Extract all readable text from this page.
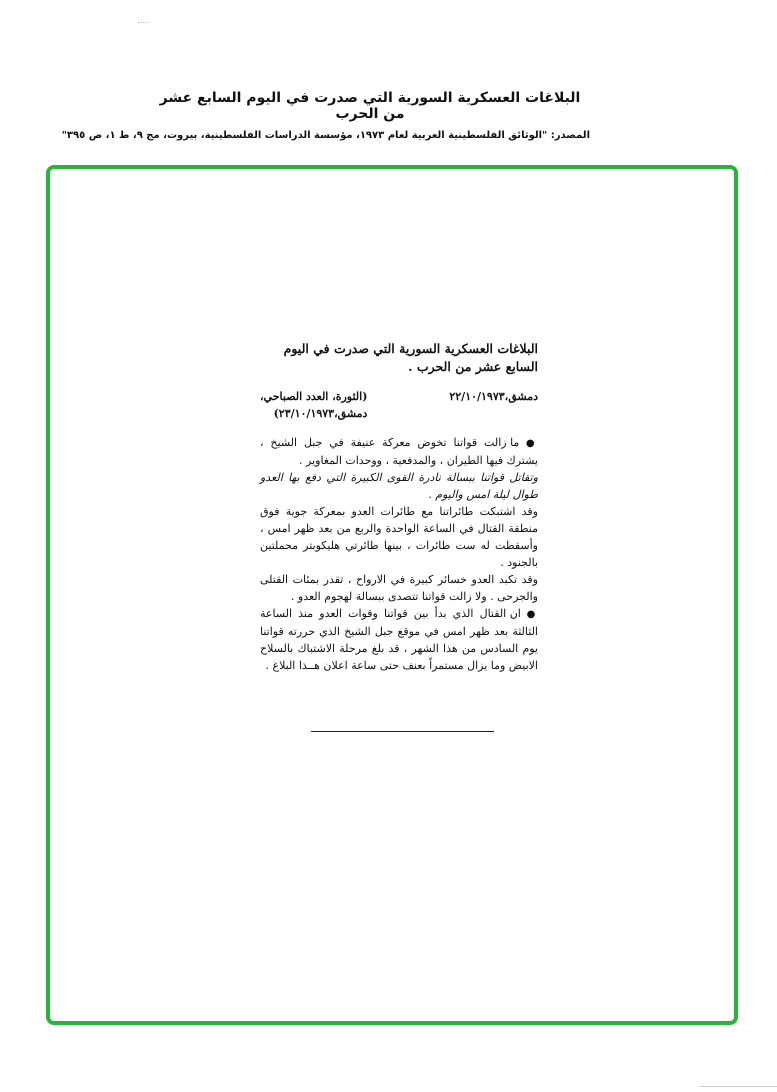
البلاغات العسكرية السورية التي صدرت في اليوم السابع عشر من الحرب

المصدر: "الوثائق الفلسطينية العربية لعام ١٩٧٣، مؤسسة الدراسات الفلسطينية، بيروت، مج ٩، ط ١، ص ٣٩٥"

البلاغات العسكرية السورية التي صدرت في اليوم السابع عشر من الحرب .

دمشق،٢٢/١٠/١٩٧٣
(الثورة، العدد الصباحي،
دمشق،٢٣/١٠/١٩٧٣)

● ما زالت قواتنا تخوض معركة عنيفة في جبل الشيخ ، يشترك فيها الطيران ، والمدفعية ، ووحدات المغاوير .

وتقاتل قواتنا ببسالة نادرة القوى الكبيرة التي دفع بها العدو طوال ليلة امس واليوم .

وقد اشتبكت طائراتنا مع طائرات العدو بمعركة جوية فوق منطقة القتال في الساعة الواحدة والربع من بعد ظهر امس ، وأسقطت له ست طائرات ، بينها طائرتي هليكوبتر محملتين بالجنود .

وقد تكبد العدو خسائر كبيرة في الارواح ، تقدر بمئات القتلى والجرحى . ولا زالت قواتنا تتصدى ببسالة لهجوم العدو .

● ان القتال الذي بدأ بين قواتنا وقوات العدو منذ الساعة الثالثة بعد ظهر امس في موقع جبل الشيخ الذي حررته قواتنا يوم السادس من هذا الشهر ، قد بلغ مرحلة الاشتباك بالسلاح الابيض وما يزال مستمراً بعنف حتى ساعة اعلان هــذا البلاغ .
